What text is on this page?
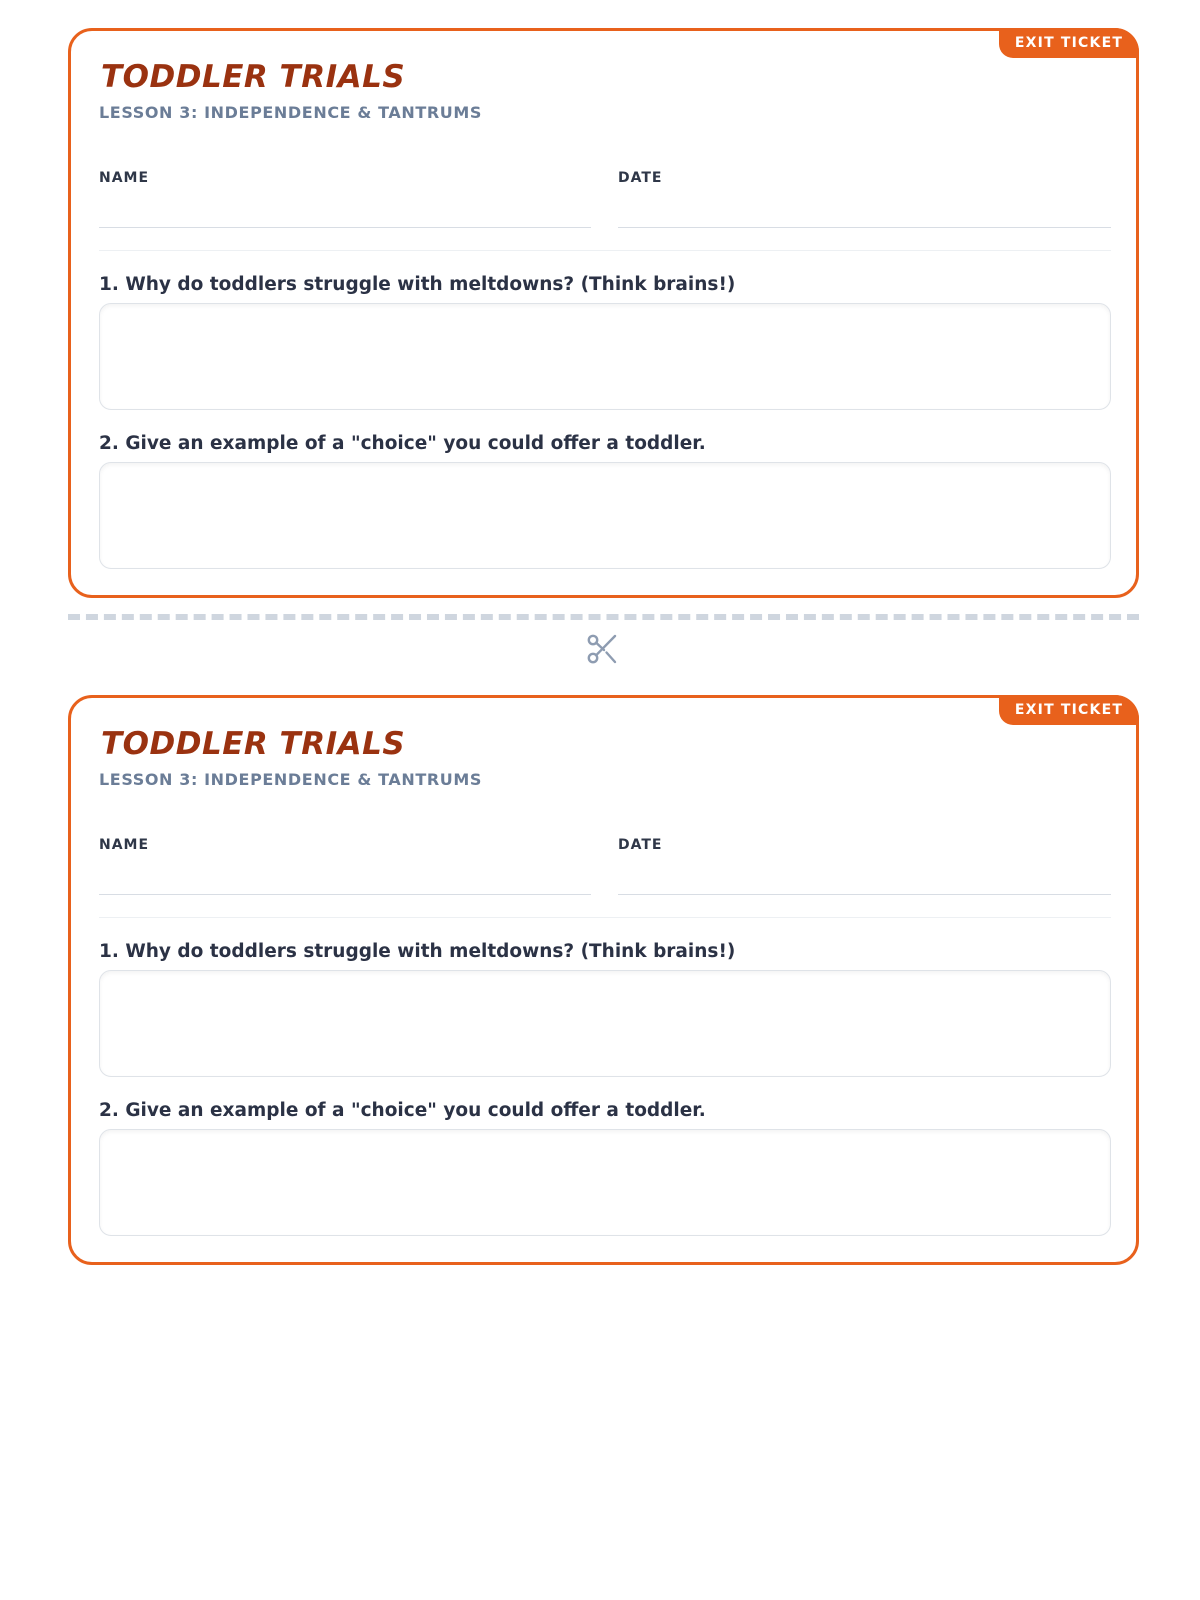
EXIT TICKET
TODDLER TRIALS
LESSON 3: INDEPENDENCE & TANTRUMS
NAME	DATE

1. Why do toddlers struggle with meltdowns? (Think brains!)

2. Give an example of a "choice" you could offer a toddler.

EXIT TICKET
TODDLER TRIALS
LESSON 3: INDEPENDENCE & TANTRUMS
NAME	DATE

1. Why do toddlers struggle with meltdowns? (Think brains!)

2. Give an example of a "choice" you could offer a toddler.
